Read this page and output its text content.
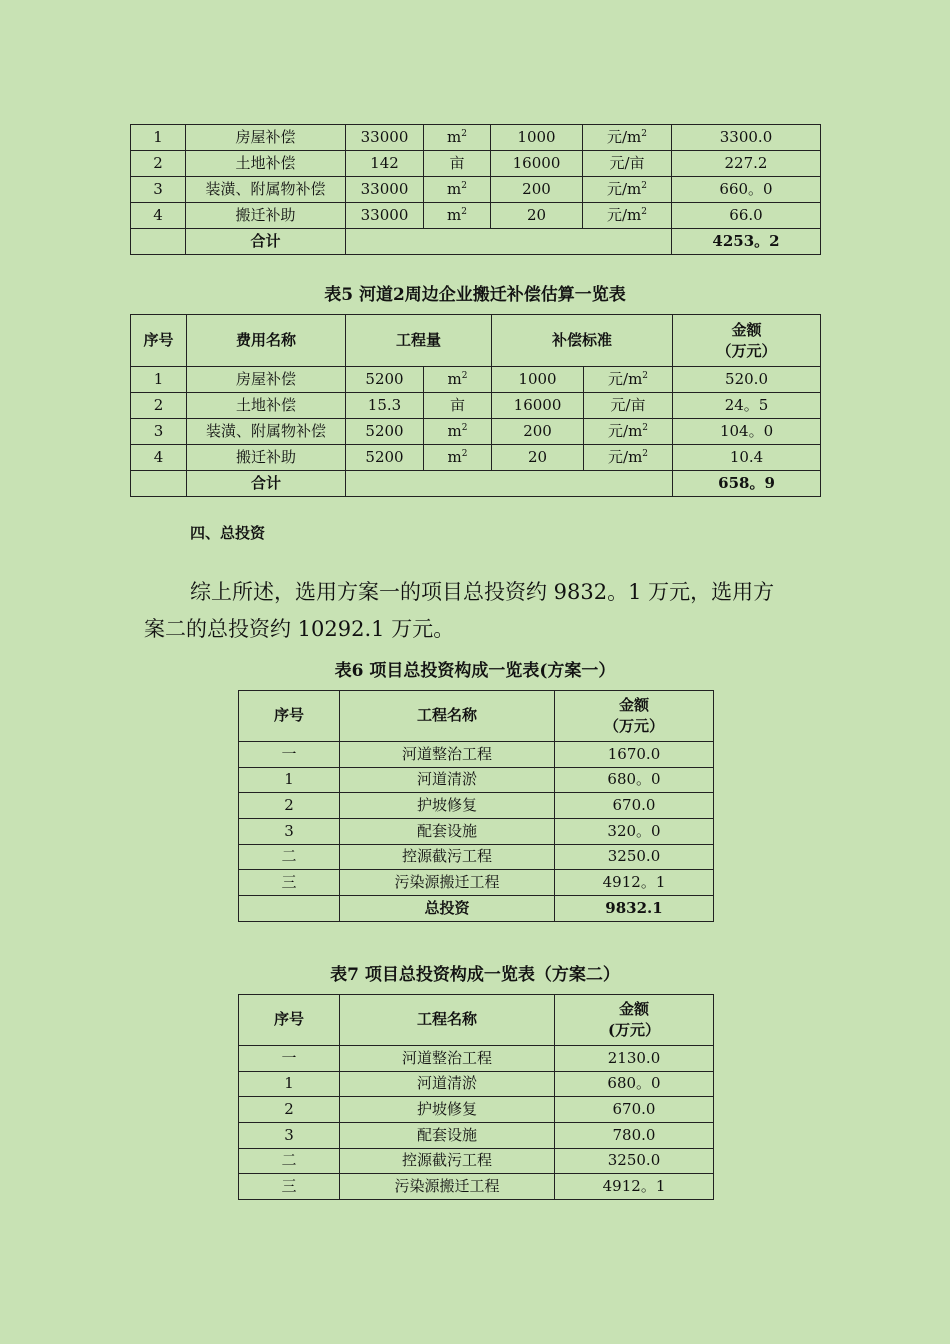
1	房屋补偿	33000	$m^2$	1000	元$/m^2$	3300.0
2	土地补偿	142	亩	16000	元/亩	227.2
3	装潢、附属物补偿	33000	$m^2$	200	元$/m^2$	660。0
4	搬迁补助	33000	$m^2$	20	元$/m^2$	66.0
	合计					4253。2
表5 河道2周边企业搬迁补偿估算一览表
序号	费用名称	工程量		补偿标准		金额
（万元）
1	房屋补偿	5200	$m^2$	1000	元$/m^2$	520.0
2	土地补偿	15.3	亩	16000	元/亩	24。5
3	装潢、附属物补偿	5200	$m^2$	200	元$/m^2$	104。0
4	搬迁补助	5200	$m^2$	20	元$/m^2$	10.4
	合计					658。9
四、总投资
综上所述，选用方案一的项目总投资约 9832。1 万元，选用方
案二的总投资约 10292.1 万元。
表6 项目总投资构成一览表(方案一）
序号	工程名称	金额
（万元）
一	河道整治工程	1670.0
1	河道清淤	680。0
2	护坡修复	670.0
3	配套设施	320。0
二	控源截污工程	3250.0
三	污染源搬迁工程	4912。1
	总投资	9832.1
表7 项目总投资构成一览表（方案二）
序号	工程名称	金额
(万元）
一	河道整治工程	2130.0
1	河道清淤	680。0
2	护坡修复	670.0
3	配套设施	780.0
二	控源截污工程	3250.0
三	污染源搬迁工程	4912。1
